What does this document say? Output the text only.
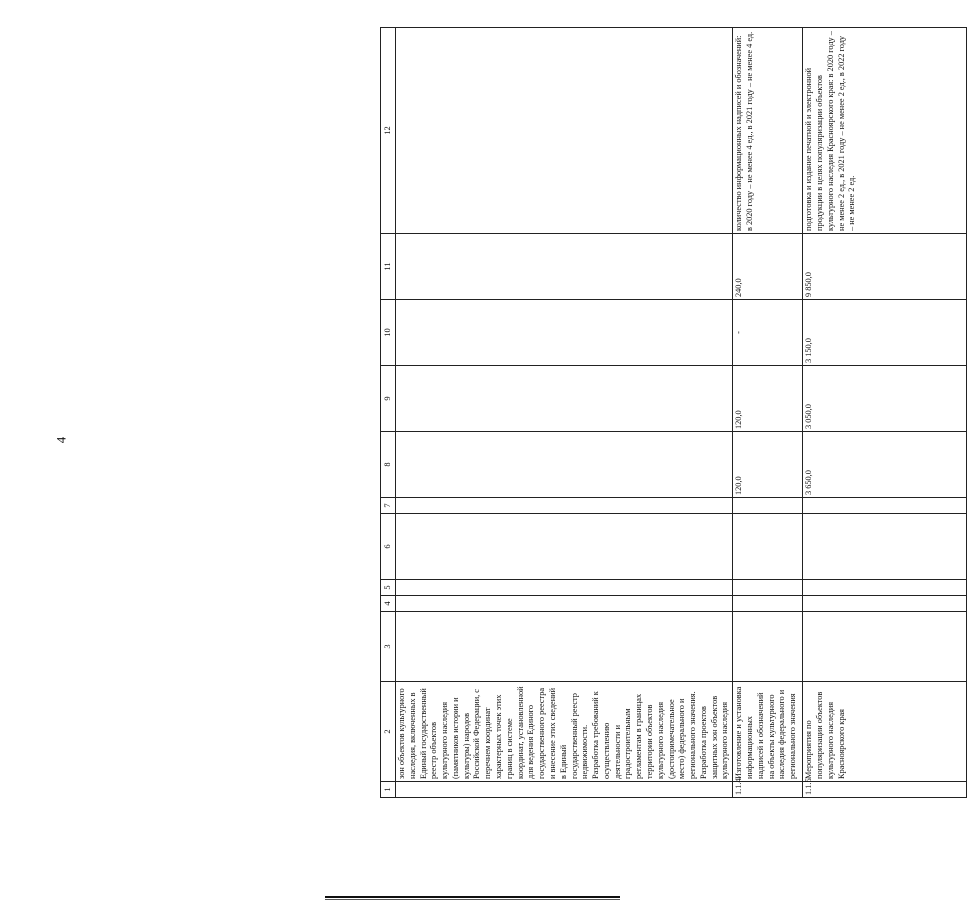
4
1	2	3	4	5	6	7	8	9	10	11	12
	зон объектов культурного наследия, включенных в Единый государственный реестр объектов культурного наследия (памятников истории и культуры) народов Российской Федерации, с перечнем координат характерных точек этих границ в системе координат, установленной для ведения Единого государственного реестра и внесение этих сведений в Единый государственный реестр недвижимости. Разработка требований к осуществлению деятельности и градостроительным регламентам в границах территории объектов культурного наследия (достопримечательное место) федерального и регионального значения. Разработка проектов защитных зон объектов культурного наследия										
1.1.4	Изготовление и установка информационных надписей и обозначений на объекты культурного наследия федерального и регионального значения						120,0	120,0	-	240,0	количество информационных надписей и обозначений: в 2020 году – не менее 4 ед., в 2021 году – не менее 4 ед.
1.1.5	Мероприятия по популяризации объектов культурного наследия Красноярского края						3 650,0	3 050,0	3 150,0	9 850,0	подготовка и издание печатной и электронной продукции в целях популяризации объектов культурного наследия Красноярского края: в 2020 году – не менее 2 ед., в 2021 году – не менее 2 ед., в 2022 году – не менее 2 ед.
